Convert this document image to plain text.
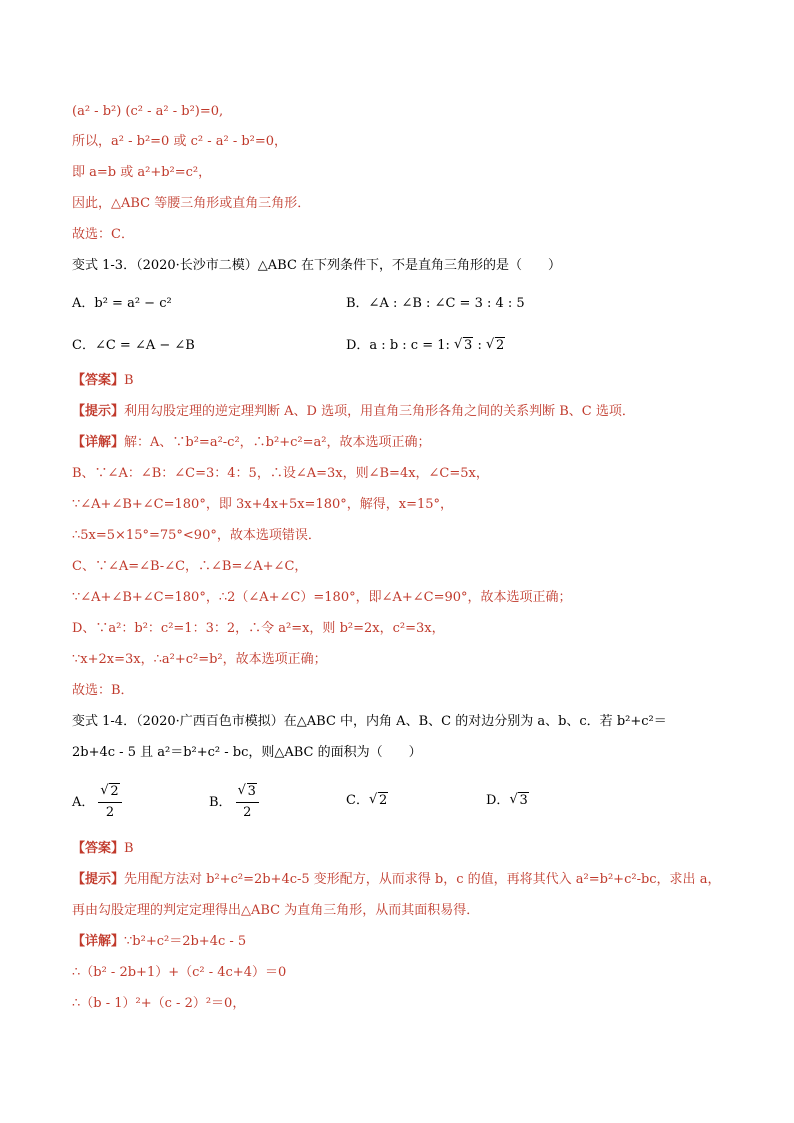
(a² - b²) (c² - a² - b²)=0,
所以，a² - b²=0 或 c² - a² - b²=0，
即 a=b 或 a²+b²=c²，
因此，△ABC 等腰三角形或直角三角形．
故选：C．
变式 1-3．（2020·长沙市二模）△ABC 在下列条件下，不是直角三角形的是（　　）
A．b² = a² − c²	B．∠A : ∠B : ∠C = 3 : 4 : 5
C．∠C = ∠A − ∠B	D．a : b : c = 1: √ 3 : √ 2
【答案】B
【提示】利用勾股定理的逆定理判断 A、D 选项，用直角三角形各角之间的关系判断 B、C 选项．
【详解】解：A、∵b²=a²-c²，∴b²+c²=a²，故本选项正确；
B、∵∠A：∠B：∠C=3：4：5，∴设∠A=3x，则∠B=4x，∠C=5x，
∵∠A+∠B+∠C=180°，即 3x+4x+5x=180°，解得，x=15°，
∴5x=5×15°=75°<90°，故本选项错误．
C、∵∠A=∠B-∠C，∴∠B=∠A+∠C，
∵∠A+∠B+∠C=180°，∴2（∠A+∠C）=180°，即∠A+∠C=90°，故本选项正确；
D、∵a²：b²：c²=1：3：2，∴令 a²=x，则 b²=2x，c²=3x，
∵x+2x=3x，∴a²+c²=b²，故本选项正确；
故选：B．
变式 1-4．（2020·广西百色市模拟）在△ABC 中，内角 A、B、C 的对边分别为 a、b、c．若 b²+c²＝
2b+4c - 5 且 a²＝b²+c² - bc，则△ABC 的面积为（　　）
A． √ $\frac{2}{2}$	B． √ $\frac{3}{2}$	C． √ 2	D． √ 3
【答案】B
【提示】先用配方法对 b²+c²=2b+4c-5 变形配方，从而求得 b，c 的值，再将其代入 a²=b²+c²-bc，求出 a，
再由勾股定理的判定定理得出△ABC 为直角三角形，从而其面积易得．
【详解】∵b²+c²＝2b+4c - 5
∴（b² - 2b+1）+（c² - 4c+4）＝0
∴（b - 1）²+（c - 2）²＝0，
